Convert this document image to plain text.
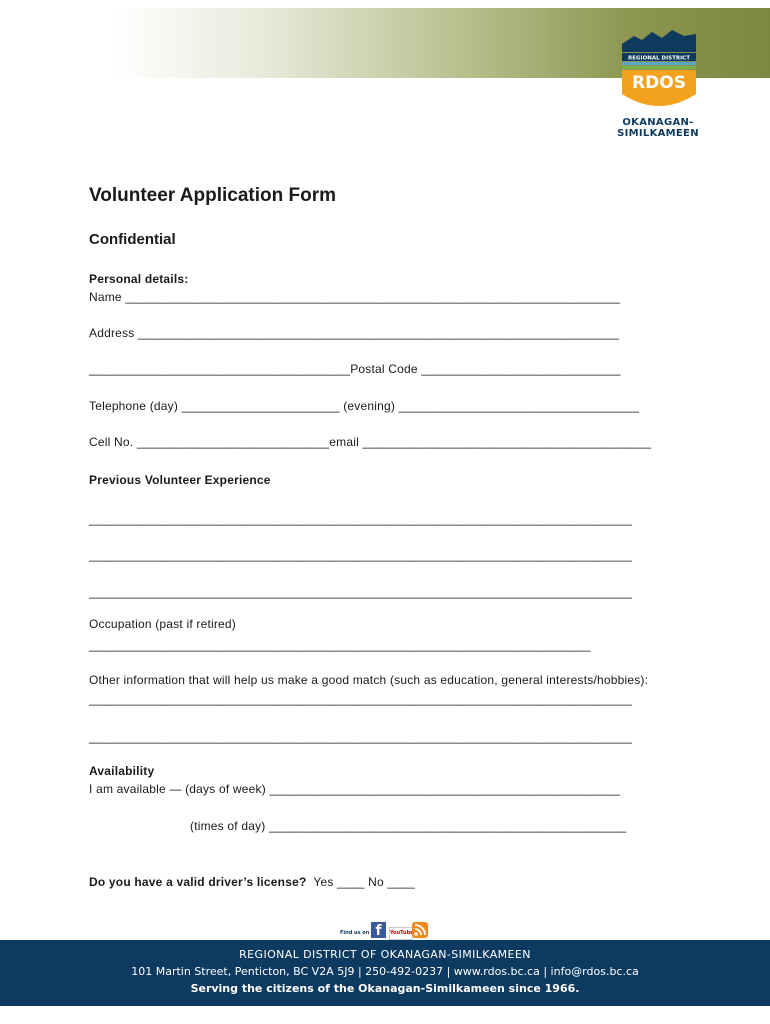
REGIONAL DISTRICT
RDOS
OKANAGAN-
SIMILKAMEEN
Volunteer Application Form
Confidential
Personal details:
Name ________________________________________________________________________
Address ______________________________________________________________________
______________________________________Postal Code _____________________________
Telephone (day) _______________________ (evening) ___________________________________
Cell No. ____________________________email __________________________________________
Previous Volunteer Experience
_______________________________________________________________________________
_______________________________________________________________________________
_______________________________________________________________________________
Occupation (past if retired)
_________________________________________________________________________
Other information that will help us make a good match (such as education, general interests/hobbies):
_______________________________________________________________________________
_______________________________________________________________________________
Availability
I am available — (days of week) ___________________________________________________
(times of day) ____________________________________________________
Do you have a valid driver’s license?  Yes ____ No ____
Find us on f	YouTube
REGIONAL DISTRICT OF OKANAGAN-SIMILKAMEEN
101 Martin Street, Penticton, BC V2A 5J9 | 250-492-0237 | www.rdos.bc.ca | info@rdos.bc.ca
Serving the citizens of the Okanagan-Similkameen since 1966.
